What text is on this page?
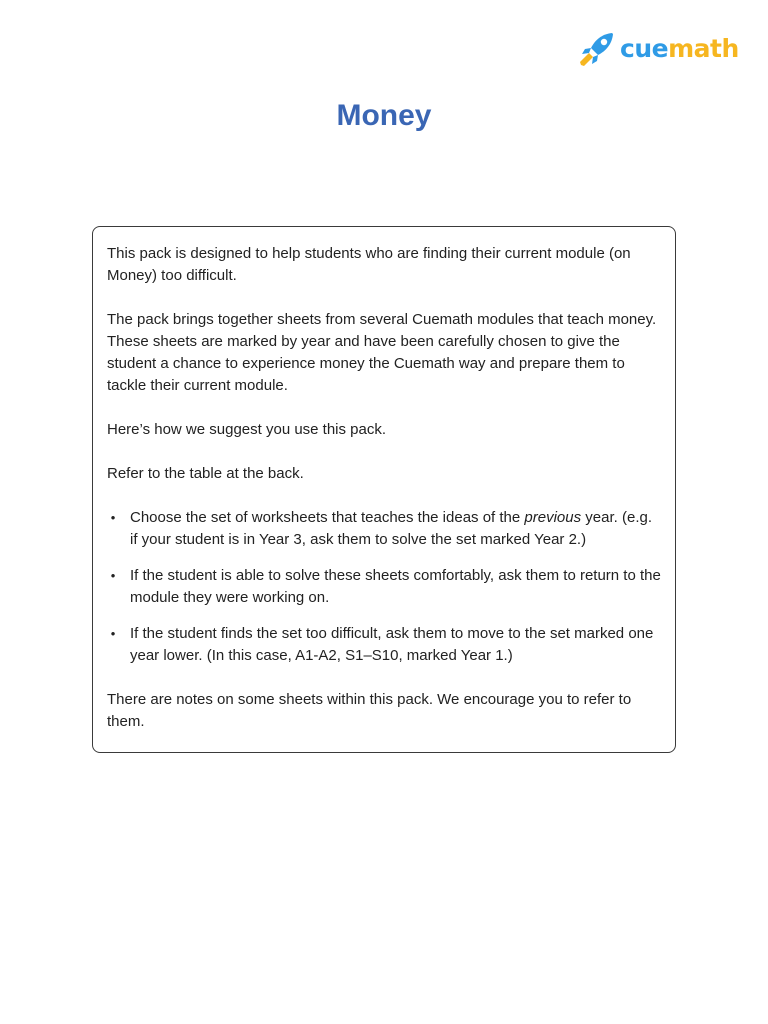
cuemath
Money

This pack is designed to help students who are finding their current module (on Money) too difficult.

The pack brings together sheets from several Cuemath modules that teach money. These sheets are marked by year and have been carefully chosen to give the student a chance to experience money the Cuemath way and prepare them to tackle their current module.

Here’s how we suggest you use this pack.

Refer to the table at the back.

• Choose the set of worksheets that teaches the ideas of the previous year. (e.g. if your student is in Year 3, ask them to solve the set marked Year 2.)
• If the student is able to solve these sheets comfortably, ask them to return to the module they were working on.
• If the student finds the set too difficult, ask them to move to the set marked one year lower. (In this case, A1-A2, S1–S10, marked Year 1.)

There are notes on some sheets within this pack. We encourage you to refer to them.
